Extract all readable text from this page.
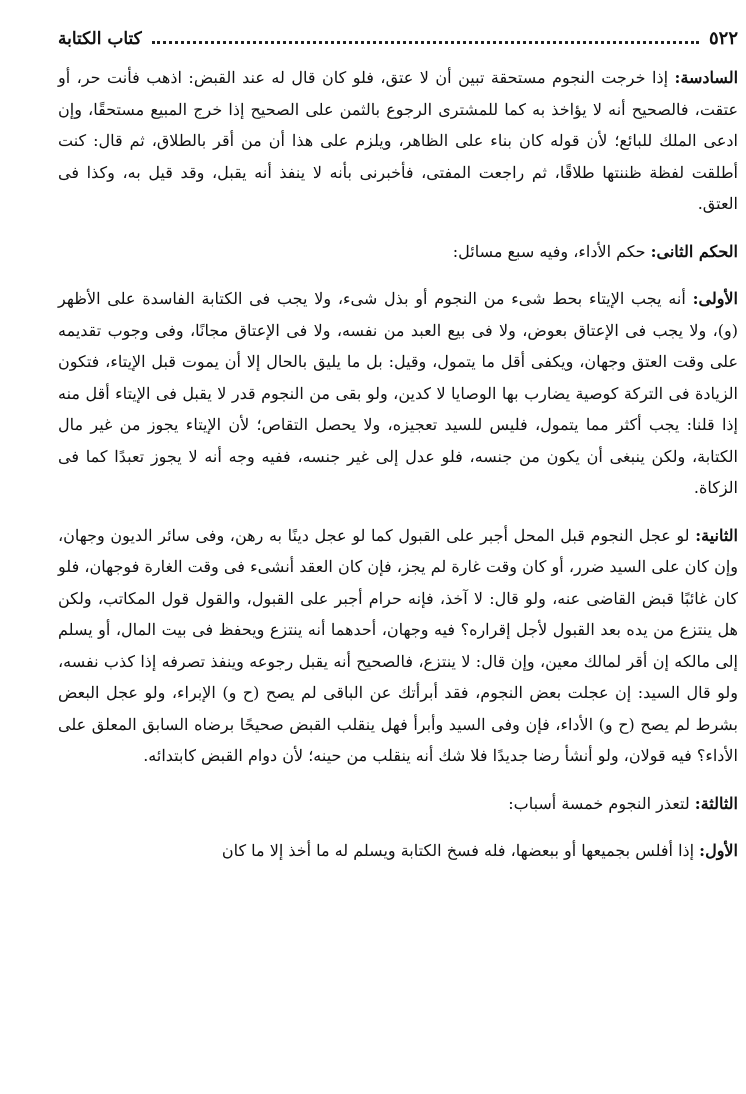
٥٢٢
كتاب الكتابة

السادسة: إذا خرجت النجوم مستحقة تبين أن لا عتق، فلو كان قال له عند القبض: اذهب فأنت حر، أو عتقت، فالصحيح أنه لا يؤاخذ به كما للمشترى الرجوع بالثمن على الصحيح إذا خرج المبيع مستحقًا، وإن ادعى الملك للبائع؛ لأن قوله كان بناء على الظاهر، ويلزم على هذا أن من أقر بالطلاق، ثم قال: كنت أطلقت لفظة ظننتها طلاقًا، ثم راجعت المفتى، فأخبرنى بأنه لا ينفذ أنه يقبل، وقد قيل به، وكذا فى العتق.

الحكم الثانى: حكم الأداء، وفيه سبع مسائل:

الأولى: أنه يجب الإيتاء بحط شىء من النجوم أو بذل شىء، ولا يجب فى الكتابة الفاسدة على الأظهر (و)، ولا يجب فى الإعتاق بعوض، ولا فى بيع العبد من نفسه، ولا فى الإعتاق مجانًا، وفى وجوب تقديمه على وقت العتق وجهان، ويكفى أقل ما يتمول، وقيل: بل ما يليق بالحال إلا أن يموت قبل الإيتاء، فتكون الزيادة فى التركة كوصية يضارب بها الوصايا لا كدين، ولو بقى من النجوم قدر لا يقبل فى الإيتاء أقل منه إذا قلنا: يجب أكثر مما يتمول، فليس للسيد تعجيزه، ولا يحصل التقاص؛ لأن الإيتاء يجوز من غير مال الكتابة، ولكن ينبغى أن يكون من جنسه، فلو عدل إلى غير جنسه، ففيه وجه أنه لا يجوز تعبدًا كما فى الزكاة.

الثانية: لو عجل النجوم قبل المحل أجبر على القبول كما لو عجل دينًا به رهن، وفى سائر الديون وجهان، وإن كان على السيد ضرر، أو كان وقت غارة لم يجز، فإن كان العقد أنشىء فى وقت الغارة فوجهان، فلو كان غائبًا قبض القاضى عنه، ولو قال: لا آخذ، فإنه حرام أجبر على القبول، والقول قول المكاتب، ولكن هل ينتزع من يده بعد القبول لأجل إقراره؟ فيه وجهان، أحدهما أنه ينتزع ويحفظ فى بيت المال، أو يسلم إلى مالكه إن أقر لمالك معين، وإن قال: لا ينتزع، فالصحيح أنه يقبل رجوعه وينفذ تصرفه إذا كذب نفسه، ولو قال السيد: إن عجلت بعض النجوم، فقد أبرأتك عن الباقى لم يصح (ح و) الإبراء، ولو عجل البعض بشرط لم يصح (ح و) الأداء، فإن وفى السيد وأبرأ فهل ينقلب القبض صحيحًا برضاه السابق المعلق على الأداء؟ فيه قولان، ولو أنشأ رضا جديدًا فلا شك أنه ينقلب من حينه؛ لأن دوام القبض كابتدائه.

الثالثة: لتعذر النجوم خمسة أسباب:

الأول: إذا أفلس بجميعها أو ببعضها، فله فسخ الكتابة ويسلم له ما أخذ إلا ما كان
